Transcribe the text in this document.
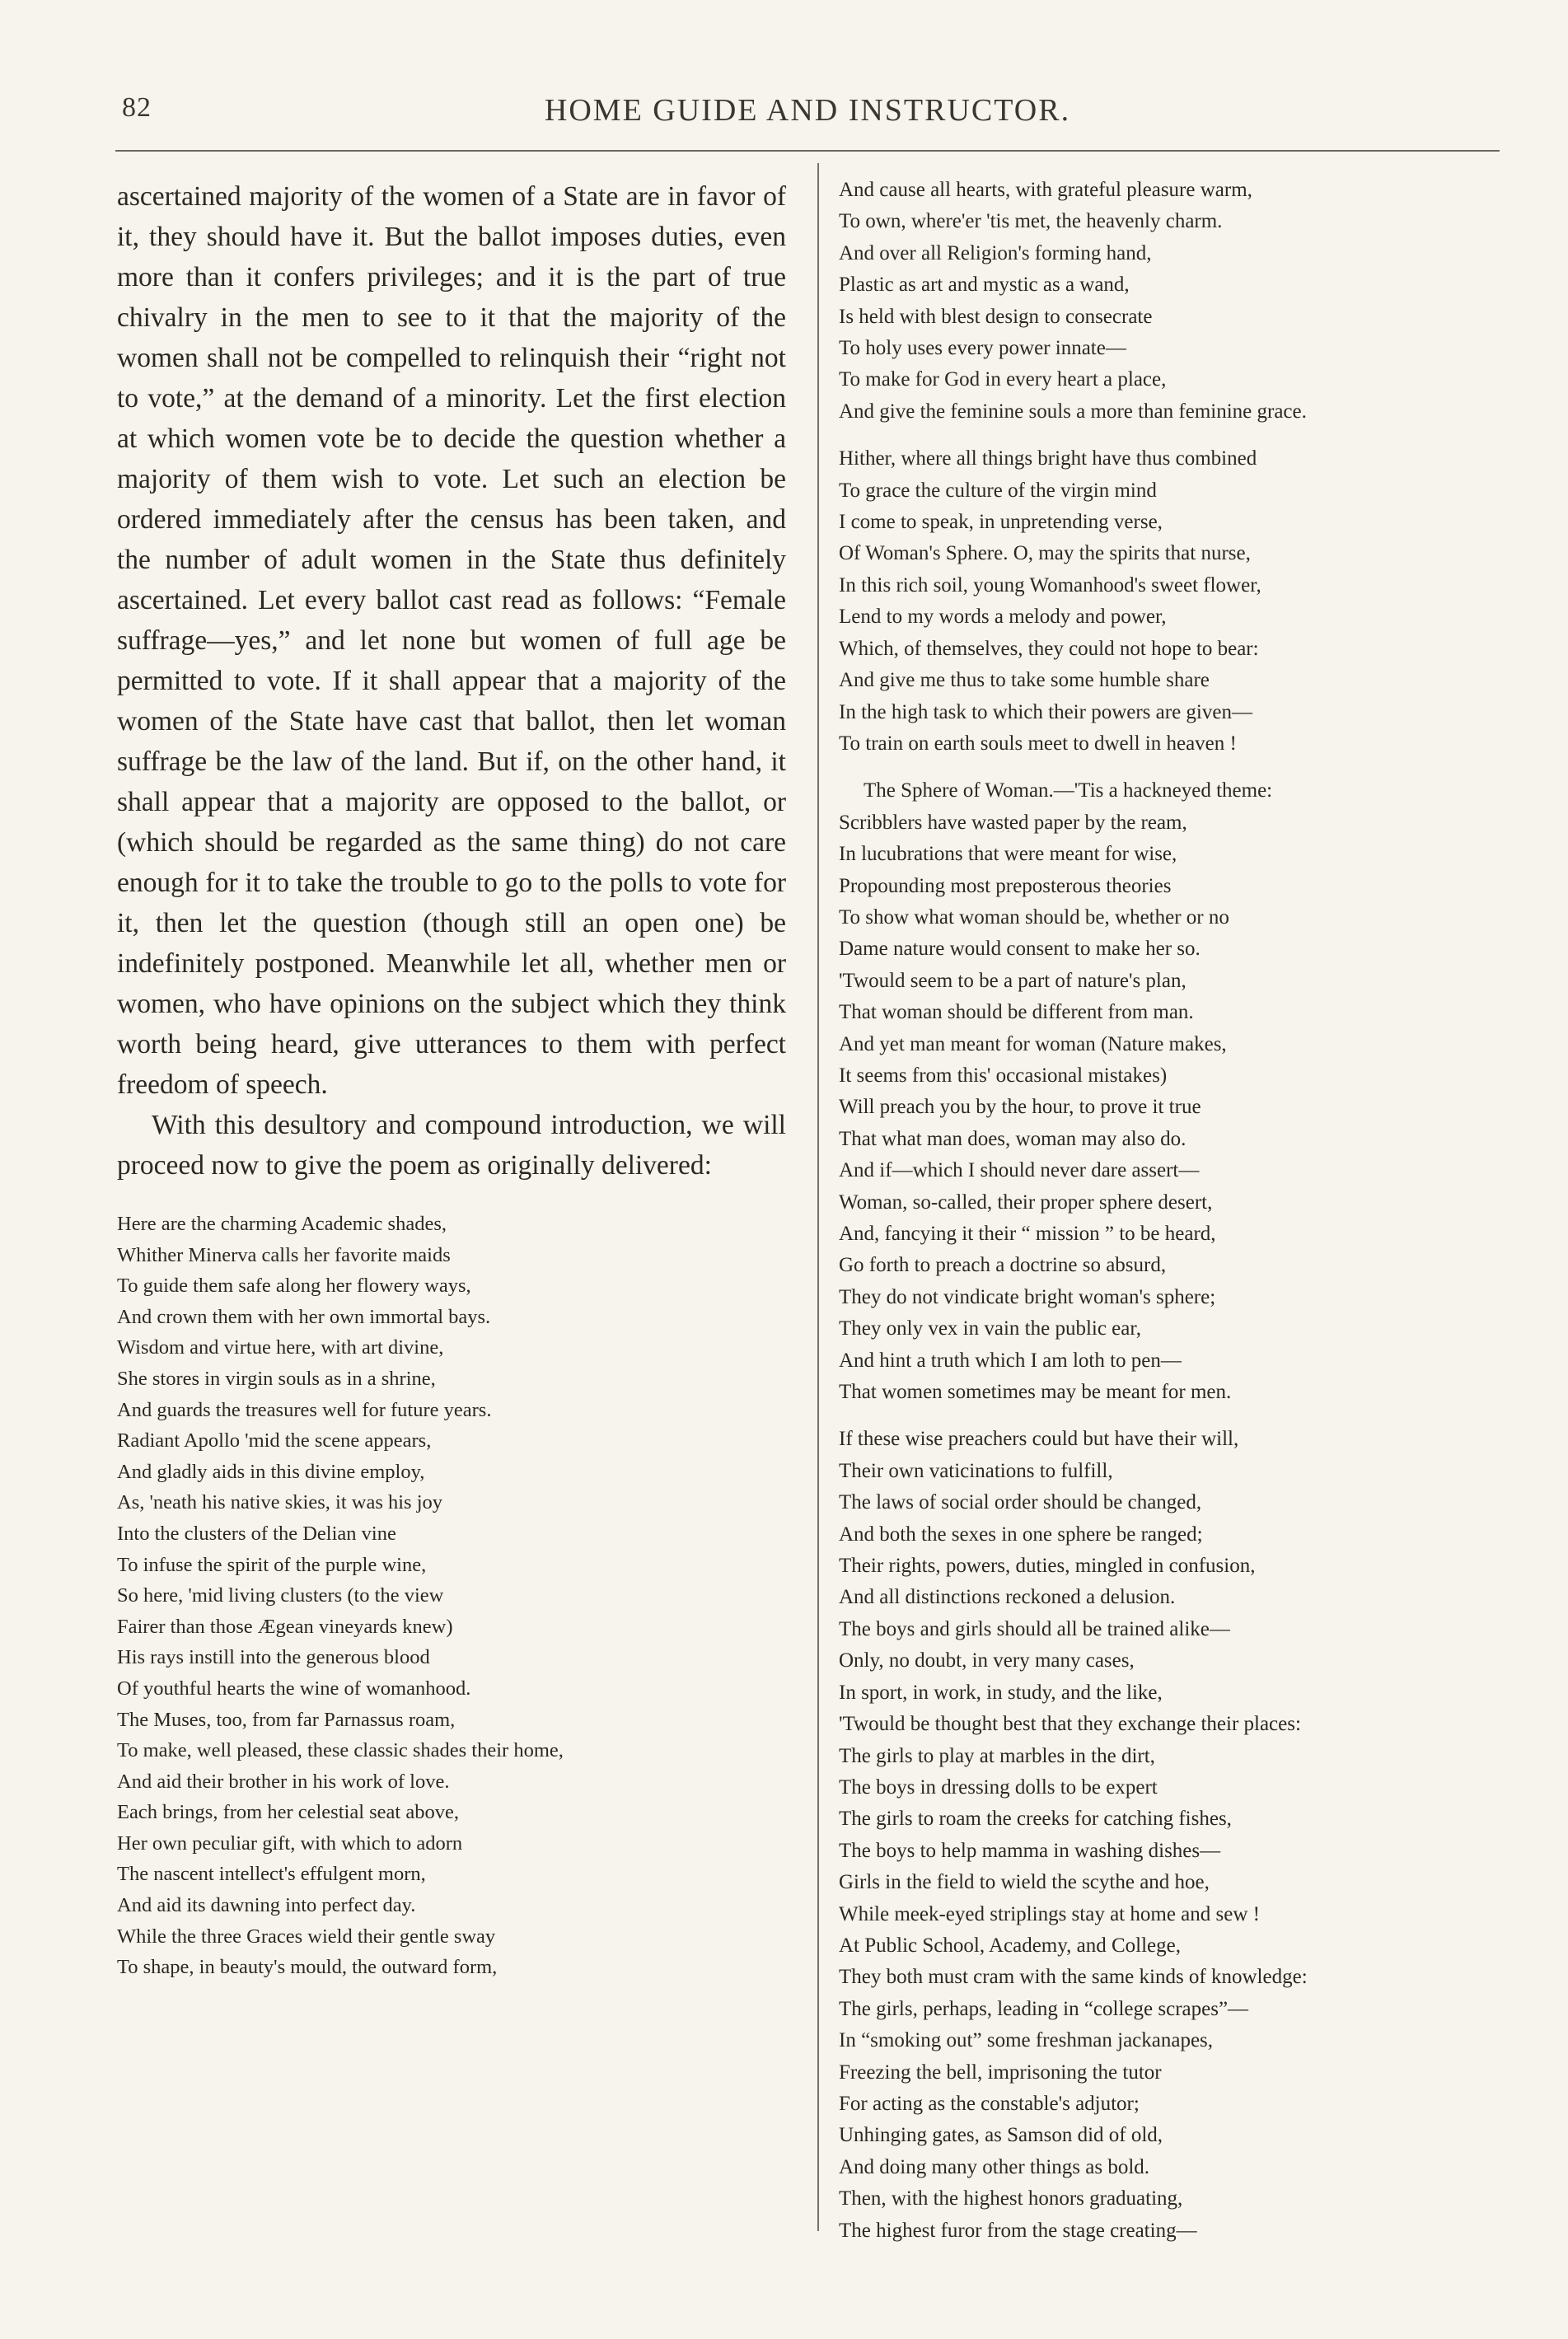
82	HOME GUIDE AND INSTRUCTOR.

ascertained majority of the women of a State are in favor of it, they should have it. But the ballot imposes duties, even more than it confers privileges; and it is the part of true chivalry in the men to see to it that the majority of the women shall not be compelled to relinquish their “right not to vote,” at the demand of a minority. Let the first election at which women vote be to decide the question whether a majority of them wish to vote. Let such an election be ordered immediately after the census has been taken, and the number of adult women in the State thus definitely ascertained. Let every ballot cast read as follows: “Female suffrage—yes,” and let none but women of full age be permitted to vote. If it shall appear that a majority of the women of the State have cast that ballot, then let woman suffrage be the law of the land. But if, on the other hand, it shall appear that a majority are opposed to the ballot, or (which should be regarded as the same thing) do not care enough for it to take the trouble to go to the polls to vote for it, then let the question (though still an open one) be indefinitely postponed. Meanwhile let all, whether men or women, who have opinions on the subject which they think worth being heard, give utterances to them with perfect freedom of speech.

With this desultory and compound introduction, we will proceed now to give the poem as originally delivered:

Here are the charming Academic shades,
Whither Minerva calls her favorite maids
To guide them safe along her flowery ways,
And crown them with her own immortal bays.
Wisdom and virtue here, with art divine,
She stores in virgin souls as in a shrine,
And guards the treasures well for future years.
Radiant Apollo 'mid the scene appears,
And gladly aids in this divine employ,
As, 'neath his native skies, it was his joy
Into the clusters of the Delian vine
To infuse the spirit of the purple wine,
So here, 'mid living clusters (to the view
Fairer than those Ægean vineyards knew)
His rays instill into the generous blood
Of youthful hearts the wine of womanhood.
The Muses, too, from far Parnassus roam,
To make, well pleased, these classic shades their home,
And aid their brother in his work of love.
Each brings, from her celestial seat above,
Her own peculiar gift, with which to adorn
The nascent intellect's effulgent morn,
And aid its dawning into perfect day.
While the three Graces wield their gentle sway
To shape, in beauty's mould, the outward form,
And cause all hearts, with grateful pleasure warm,
To own, where'er 'tis met, the heavenly charm.
And over all Religion's forming hand,
Plastic as art and mystic as a wand,
Is held with blest design to consecrate
To holy uses every power innate—
To make for God in every heart a place,
And give the feminine souls a more than feminine grace.
Hither, where all things bright have thus combined
To grace the culture of the virgin mind
I come to speak, in unpretending verse,
Of Woman's Sphere. O, may the spirits that nurse,
In this rich soil, young Womanhood's sweet flower,
Lend to my words a melody and power,
Which, of themselves, they could not hope to bear:
And give me thus to take some humble share
In the high task to which their powers are given—
To train on earth souls meet to dwell in heaven !
The Sphere of Woman.—'Tis a hackneyed theme:
Scribblers have wasted paper by the ream,
In lucubrations that were meant for wise,
Propounding most preposterous theories
To show what woman should be, whether or no
Dame nature would consent to make her so.
'Twould seem to be a part of nature's plan,
That woman should be different from man.
And yet man meant for woman (Nature makes,
It seems from this' occasional mistakes)
Will preach you by the hour, to prove it true
That what man does, woman may also do.
And if—which I should never dare assert—
Woman, so-called, their proper sphere desert,
And, fancying it their “ mission ” to be heard,
Go forth to preach a doctrine so absurd,
They do not vindicate bright woman's sphere;
They only vex in vain the public ear,
And hint a truth which I am loth to pen—
That women sometimes may be meant for men.
If these wise preachers could but have their will,
Their own vaticinations to fulfill,
The laws of social order should be changed,
And both the sexes in one sphere be ranged;
Their rights, powers, duties, mingled in confusion,
And all distinctions reckoned a delusion.
The boys and girls should all be trained alike—
Only, no doubt, in very many cases,
In sport, in work, in study, and the like,
'Twould be thought best that they exchange their places:
The girls to play at marbles in the dirt,
The boys in dressing dolls to be expert
The girls to roam the creeks for catching fishes,
The boys to help mamma in washing dishes—
Girls in the field to wield the scythe and hoe,
While meek-eyed striplings stay at home and sew !
At Public School, Academy, and College,
They both must cram with the same kinds of knowledge:
The girls, perhaps, leading in “college scrapes”—
In “smoking out” some freshman jackanapes,
Freezing the bell, imprisoning the tutor
For acting as the constable's adjutor;
Unhinging gates, as Samson did of old,
And doing many other things as bold.
Then, with the highest honors graduating,
The highest furor from the stage creating—
